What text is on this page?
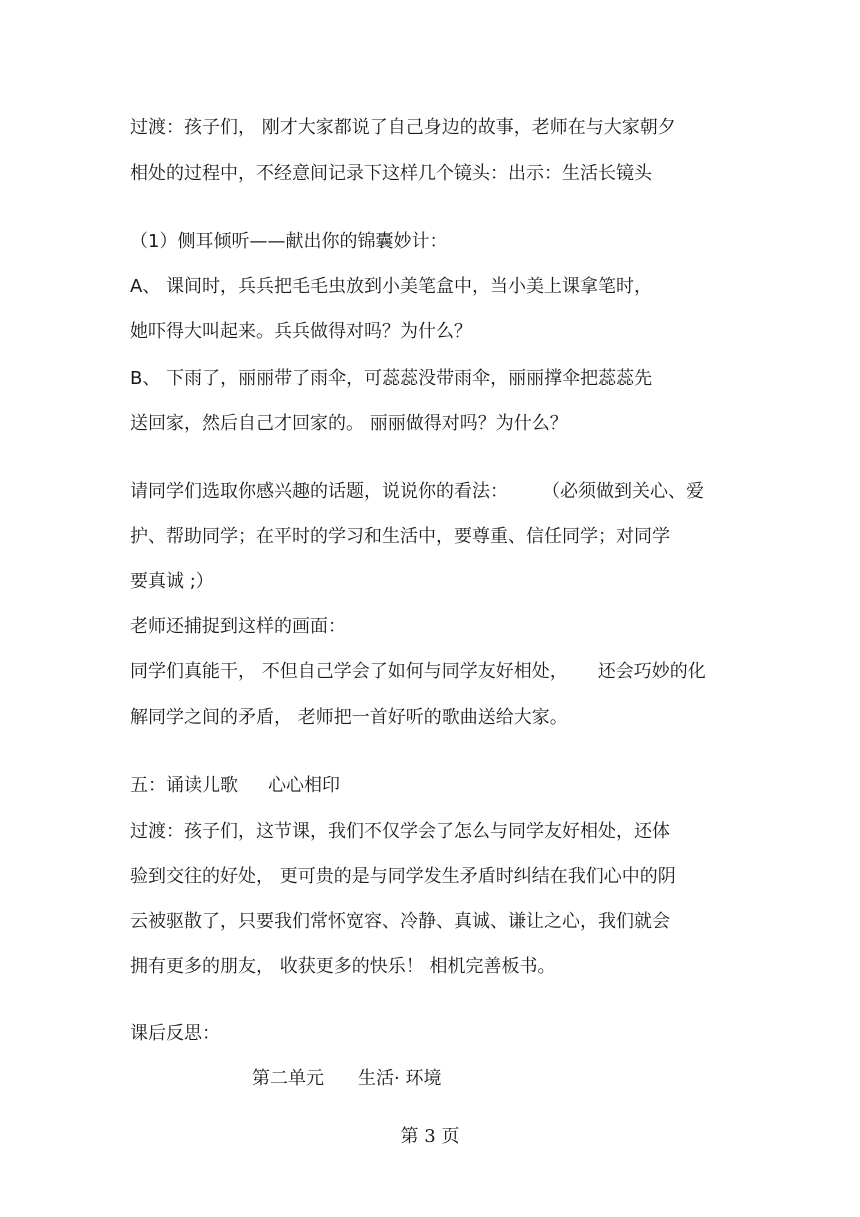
过渡：孩子们， 刚才大家都说了自己身边的故事，老师在与大家朝夕
相处的过程中，不经意间记录下这样几个镜头：出示：生活长镜头
（1）侧耳倾听——献出你的锦囊妙计：
A、 课间时，兵兵把毛毛虫放到小美笔盒中，当小美上课拿笔时，
她吓得大叫起来。兵兵做得对吗？为什么？
B、 下雨了，丽丽带了雨伞，可蕊蕊没带雨伞，丽丽撑伞把蕊蕊先
送回家，然后自己才回家的。 丽丽做得对吗？为什么？
请同学们选取你感兴趣的话题，说说你的看法： （必须做到关心、爱
护、帮助同学；在平时的学习和生活中，要尊重、信任同学；对同学
要真诚 ;）
老师还捕捉到这样的画面：
同学们真能干， 不但自己学会了如何与同学友好相处， 还会巧妙的化
解同学之间的矛盾， 老师把一首好听的歌曲送给大家。
五：诵读儿歌 心心相印
过渡：孩子们，这节课，我们不仅学会了怎么与同学友好相处，还体
验到交往的好处， 更可贵的是与同学发生矛盾时纠结在我们心中的阴
云被驱散了，只要我们常怀宽容、冷静、真诚、谦让之心，我们就会
拥有更多的朋友， 收获更多的快乐！ 相机完善板书。
课后反思：
第二单元 生活· 环境
第 3 页
